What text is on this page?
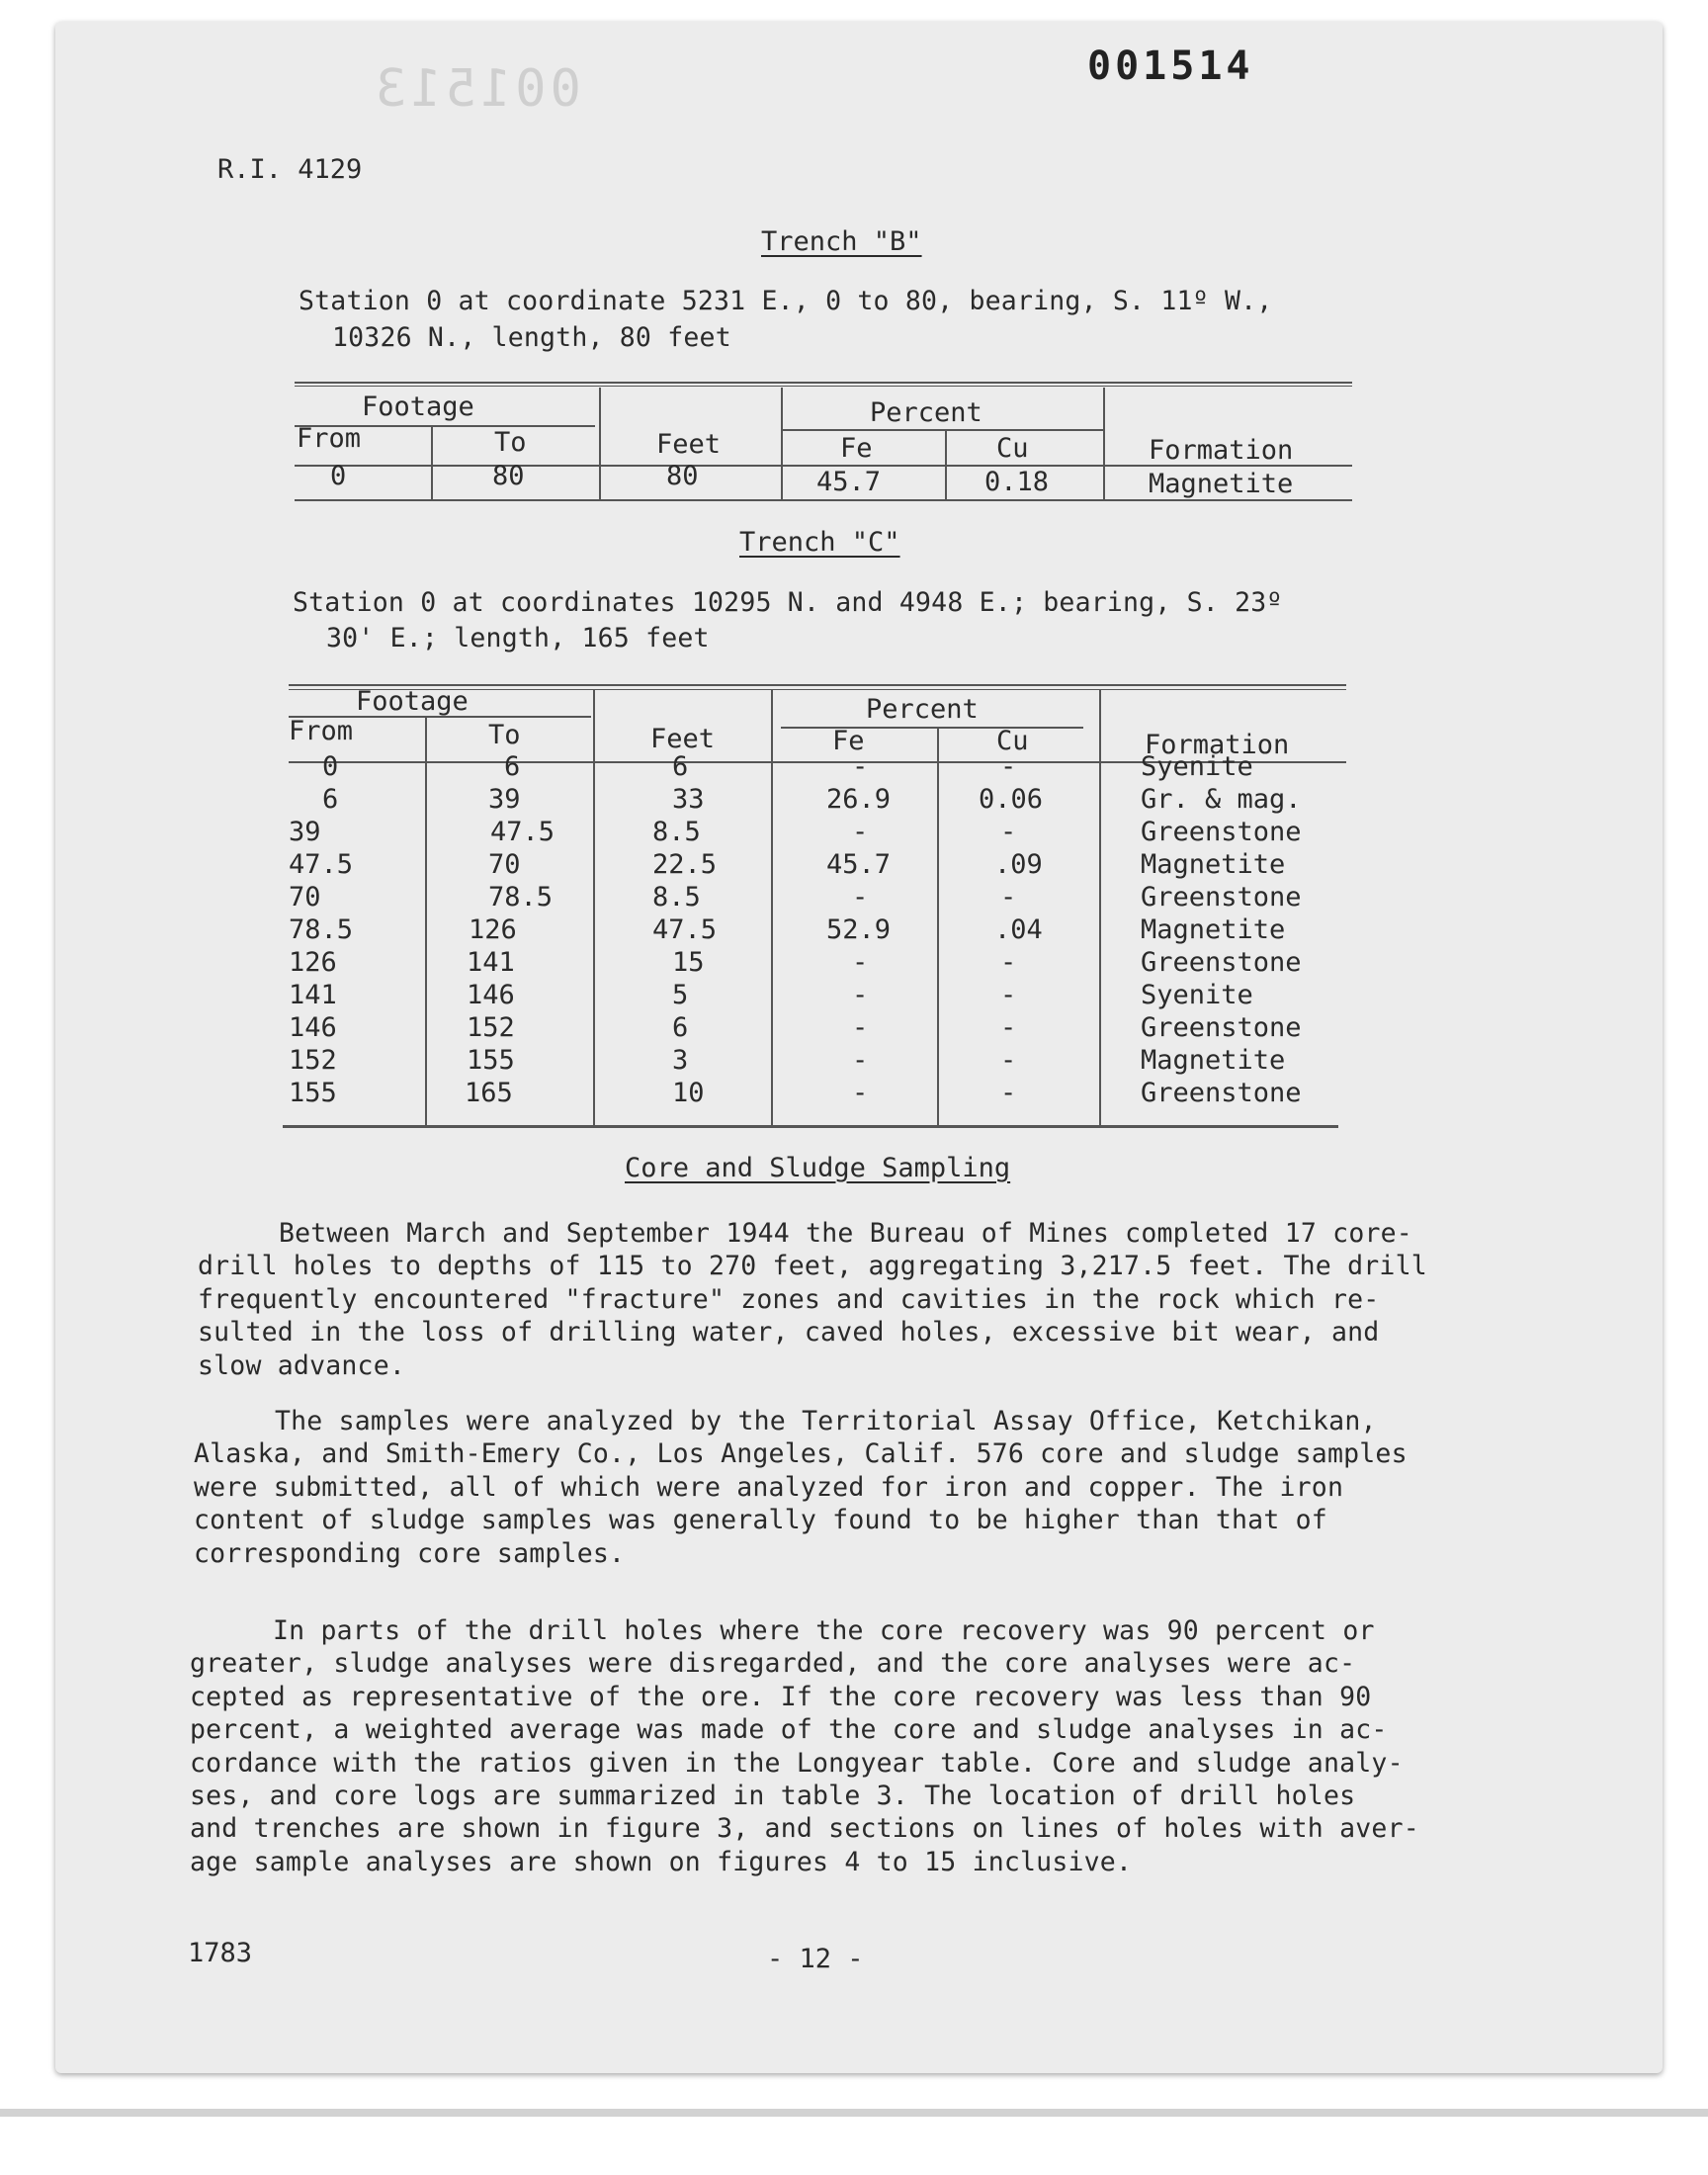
001513	001514
R.I. 4129
Trench "B"
Station 0 at coordinate 5231 E., 0 to 80, bearing, S. 11º W.,
10326 N., length, 80 feet
Footage	Percent
From	To	Feet	Fe	Cu	Formation
0	80	80	45.7	0.18	Magnetite
Trench "C"
Station 0 at coordinates 10295 N. and 4948 E.; bearing, S. 23º
30' E.; length, 165 feet
Footage	Percent
From	To	Feet	Fe	Cu	Formation
0	6	6	-	-	Syenite
6	39	33	26.9	0.06	Gr. & mag.
39	47.5	8.5	-	-	Greenstone
47.5	70	22.5	45.7	.09	Magnetite
70	78.5	8.5	-	-	Greenstone
78.5	126	47.5	52.9	.04	Magnetite
126	141	15	-	-	Greenstone
141	146	5	-	-	Syenite
146	152	6	-	-	Greenstone
152	155	3	-	-	Magnetite
155	165	10	-	-	Greenstone
Core and Sludge Sampling
Between March and September 1944 the Bureau of Mines completed 17 core-
drill holes to depths of 115 to 270 feet, aggregating 3,217.5 feet. The drill
frequently encountered "fracture" zones and cavities in the rock which re-
sulted in the loss of drilling water, caved holes, excessive bit wear, and
slow advance.
The samples were analyzed by the Territorial Assay Office, Ketchikan,
Alaska, and Smith-Emery Co., Los Angeles, Calif. 576 core and sludge samples
were submitted, all of which were analyzed for iron and copper. The iron
content of sludge samples was generally found to be higher than that of
corresponding core samples.
In parts of the drill holes where the core recovery was 90 percent or
greater, sludge analyses were disregarded, and the core analyses were ac-
cepted as representative of the ore. If the core recovery was less than 90
percent, a weighted average was made of the core and sludge analyses in ac-
cordance with the ratios given in the Longyear table. Core and sludge analy-
ses, and core logs are summarized in table 3. The location of drill holes
and trenches are shown in figure 3, and sections on lines of holes with aver-
age sample analyses are shown on figures 4 to 15 inclusive.
1783	- 12 -
